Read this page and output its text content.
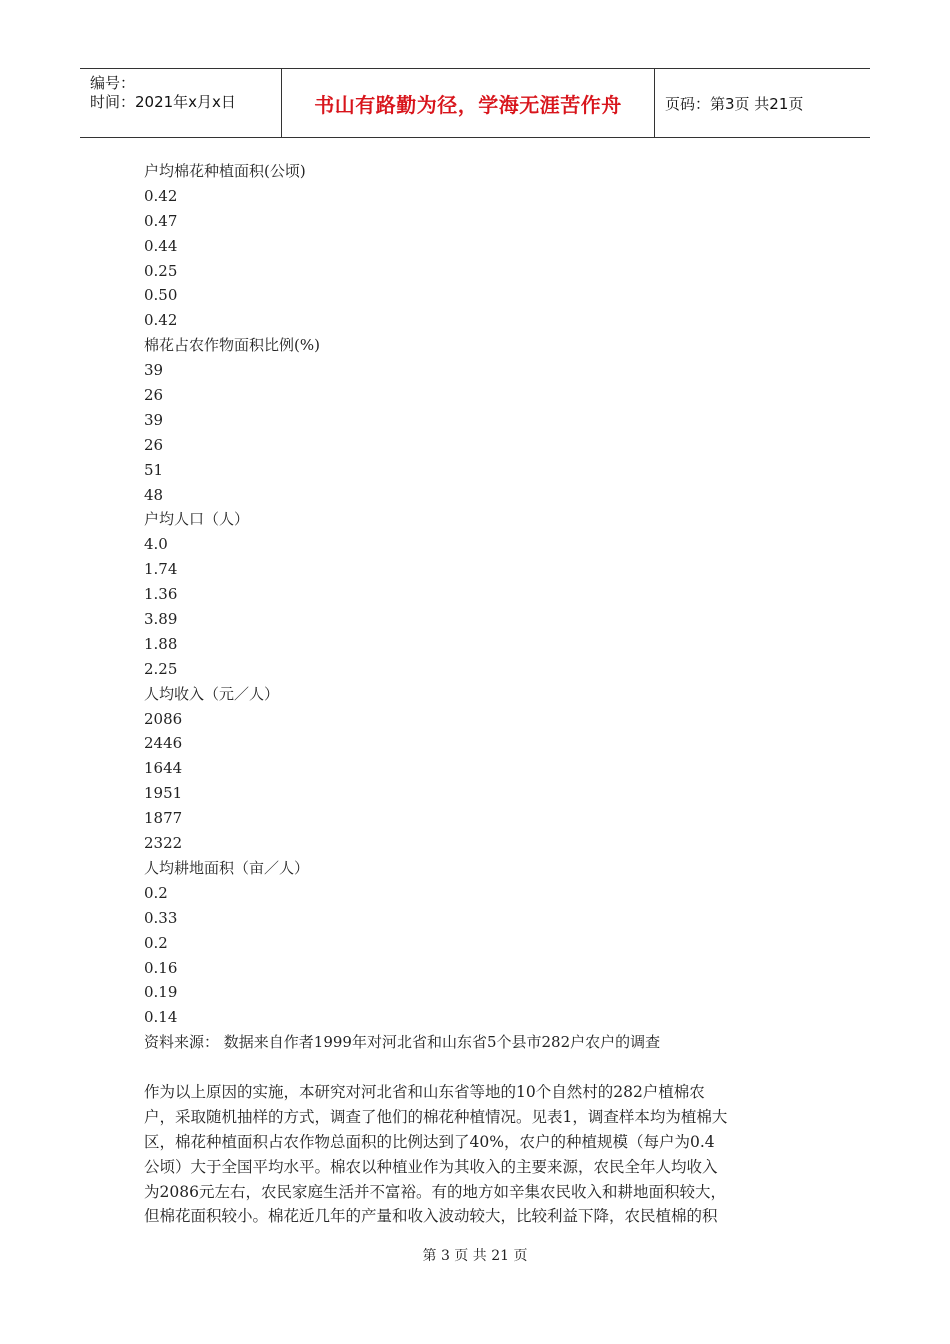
编号：
时间：2021年x月x日	书山有路勤为径，学海无涯苦作舟	页码：第3页 共21页
户均棉花种植面积(公顷)
0.42
0.47
0.44
0.25
0.50
0.42
棉花占农作物面积比例(%)
39
26
39
26
51
48
户均人口（人）
4.0
1.74
1.36
3.89
1.88
2.25
人均收入（元／人）
2086
2446
1644
1951
1877
2322
人均耕地面积（亩／人）
0.2
0.33
0.2
0.16
0.19
0.14
资料来源： 数据来自作者1999年对河北省和山东省5个县市282户农户的调查
作为以上原因的实施，本研究对河北省和山东省等地的10个自然村的282户植棉农
户，采取随机抽样的方式，调查了他们的棉花种植情况。见表1，调查样本均为植棉大
区，棉花种植面积占农作物总面积的比例达到了40%，农户的种植规模（每户为0.4
公顷）大于全国平均水平。棉农以种植业作为其收入的主要来源，农民全年人均收入
为2086元左右，农民家庭生活并不富裕。有的地方如辛集农民收入和耕地面积较大，
但棉花面积较小。棉花近几年的产量和收入波动较大，比较利益下降，农民植棉的积
第 3 页 共 21 页
